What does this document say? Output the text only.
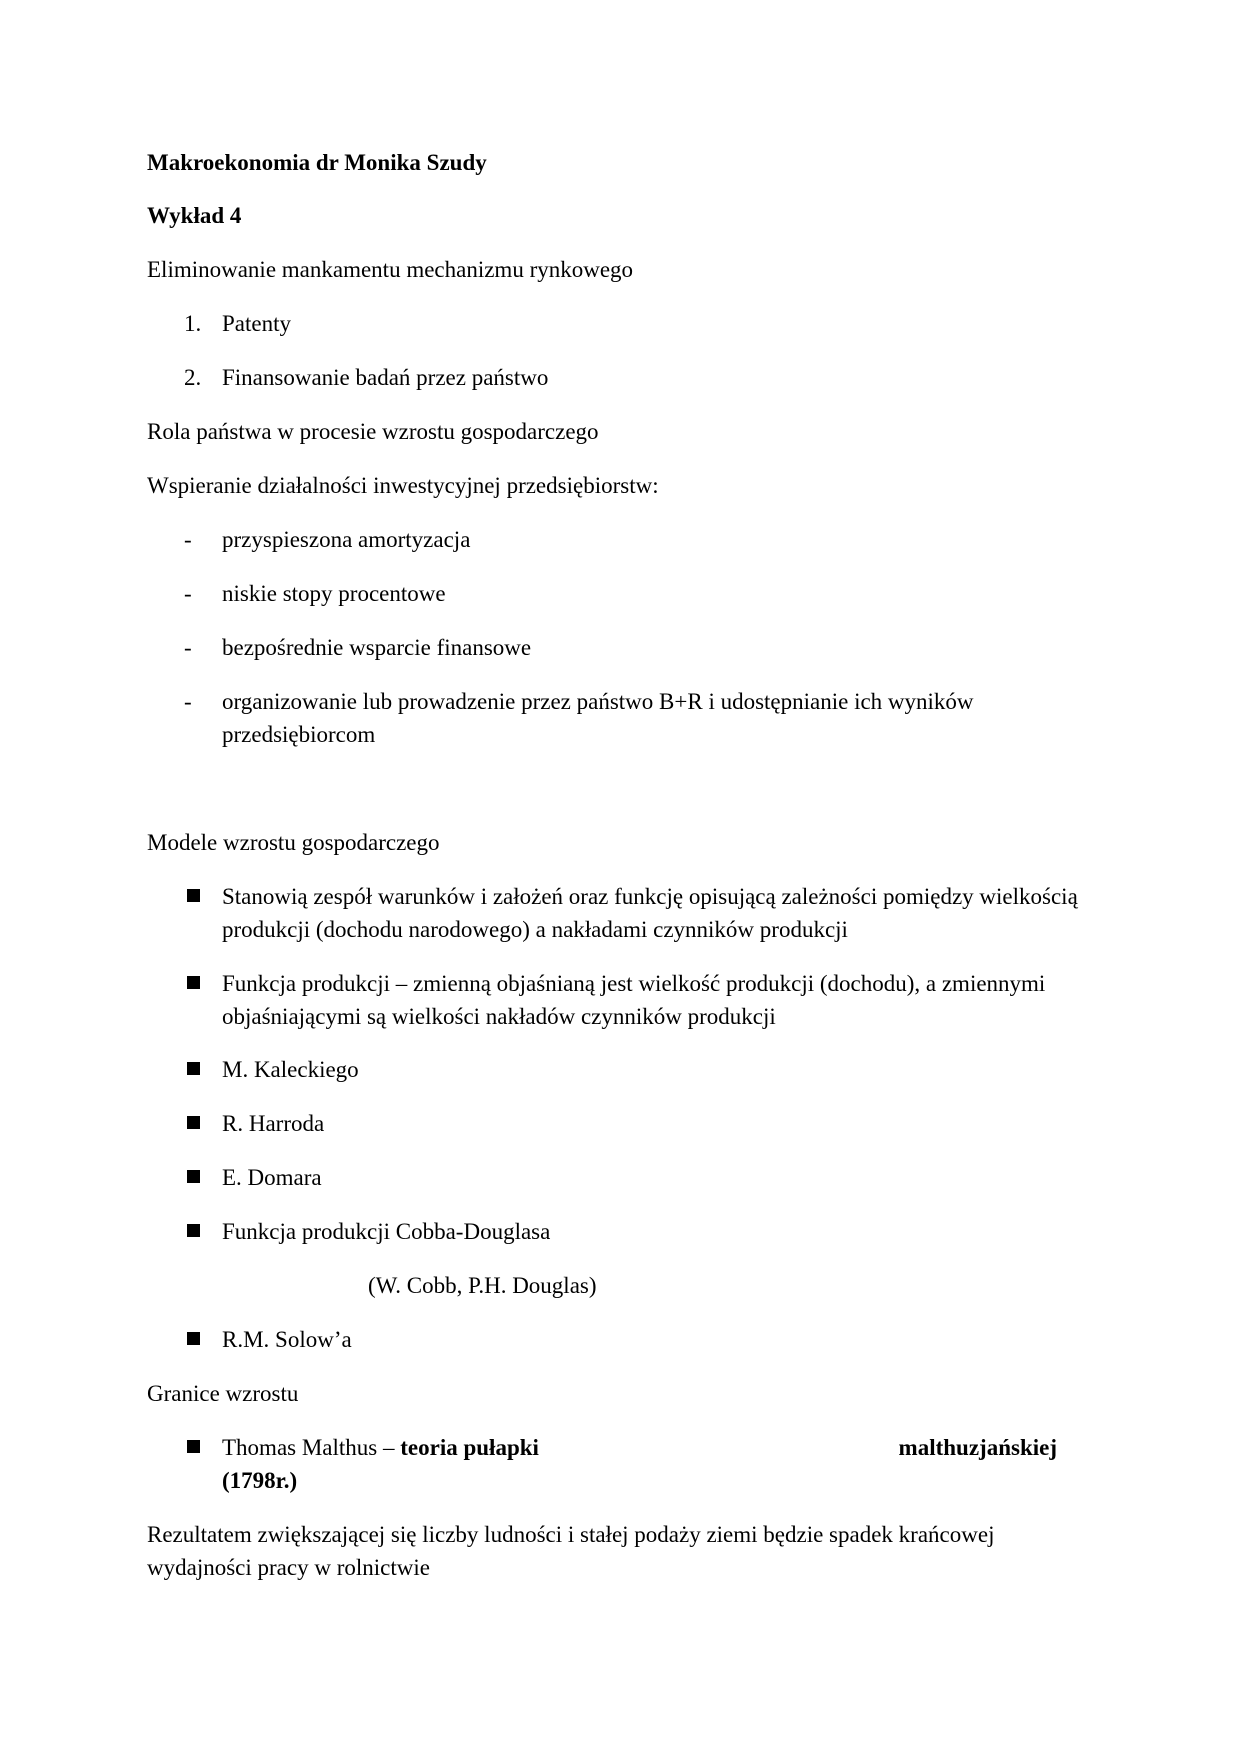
Makroekonomia dr Monika Szudy
Wykład 4
Eliminowanie mankamentu mechanizmu rynkowego
1. Patenty
2. Finansowanie badań przez państwo
Rola państwa w procesie wzrostu gospodarczego
Wspieranie działalności inwestycyjnej przedsiębiorstw:
- przyspieszona amortyzacja
- niskie stopy procentowe
- bezpośrednie wsparcie finansowe
- organizowanie lub prowadzenie przez państwo B+R i udostępnianie ich wyników przedsiębiorcom
Modele wzrostu gospodarczego
Stanowią zespół warunków i założeń oraz funkcję opisującą zależności pomiędzy wielkością produkcji (dochodu narodowego) a nakładami czynników produkcji
Funkcja produkcji – zmienną objaśnianą jest wielkość produkcji (dochodu), a zmiennymi objaśniającymi są wielkości nakładów czynników produkcji
M. Kaleckiego
R. Harroda
E. Domara
Funkcja produkcji Cobba-Douglasa
(W. Cobb, P.H. Douglas)
R.M. Solow’a
Granice wzrostu
Thomas Malthus – teoria pułapki	malthuzjańskiej
(1798r.)
Rezultatem zwiększającej się liczby ludności i stałej podaży ziemi będzie spadek krańcowej wydajności pracy w rolnictwie
